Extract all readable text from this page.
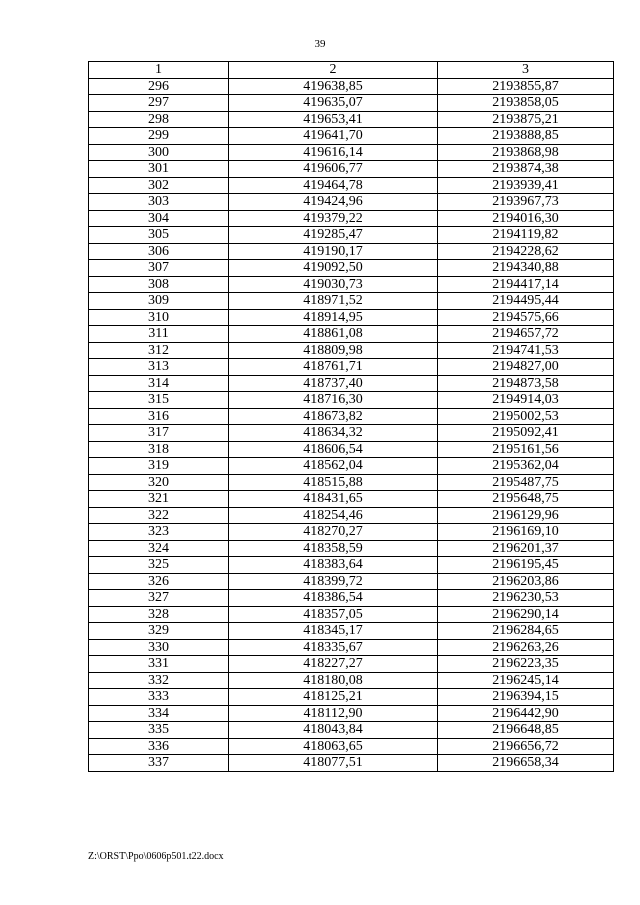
39
1	2	3
296	419638,85	2193855,87
297	419635,07	2193858,05
298	419653,41	2193875,21
299	419641,70	2193888,85
300	419616,14	2193868,98
301	419606,77	2193874,38
302	419464,78	2193939,41
303	419424,96	2193967,73
304	419379,22	2194016,30
305	419285,47	2194119,82
306	419190,17	2194228,62
307	419092,50	2194340,88
308	419030,73	2194417,14
309	418971,52	2194495,44
310	418914,95	2194575,66
311	418861,08	2194657,72
312	418809,98	2194741,53
313	418761,71	2194827,00
314	418737,40	2194873,58
315	418716,30	2194914,03
316	418673,82	2195002,53
317	418634,32	2195092,41
318	418606,54	2195161,56
319	418562,04	2195362,04
320	418515,88	2195487,75
321	418431,65	2195648,75
322	418254,46	2196129,96
323	418270,27	2196169,10
324	418358,59	2196201,37
325	418383,64	2196195,45
326	418399,72	2196203,86
327	418386,54	2196230,53
328	418357,05	2196290,14
329	418345,17	2196284,65
330	418335,67	2196263,26
331	418227,27	2196223,35
332	418180,08	2196245,14
333	418125,21	2196394,15
334	418112,90	2196442,90
335	418043,84	2196648,85
336	418063,65	2196656,72
337	418077,51	2196658,34
Z:\ORST\Ppo\0606p501.t22.docx
